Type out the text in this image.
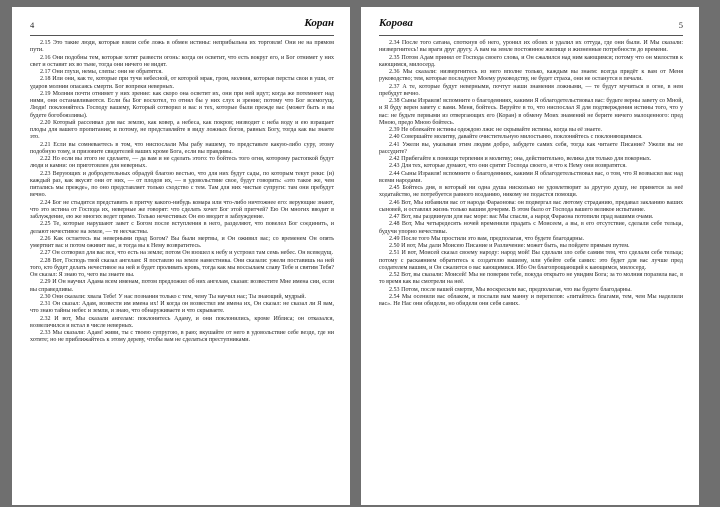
4	Коран

2.15 Это такие люди, которые взяли себе ложь в обмен истины: неприбыльна их торговля! Они не на прямом пути.

2.16 Они подобны тем, которые хотят развести огонь: когда он осветит, что есть вокруг его, и Бог отнимет у них свет и оставит их во тьме, тогда они ничего не видят.

2.17 Они глухи, немы, слепы: они не обратятся.

2.18 Или они, как те, которые при тучи небесной, от которой мрак, гром, молния, которые персты свои в уши, от ударов молнии опасаясь смерти. Бог вопреки неверных.

2.19 Молния почти отнимет у них зрение: как скоро она осветит их, они при ней идут; когда же потемнеет над ними, они останавливаются. Если бы Бог восхотел, то отнял бы у них слух и зрение; потому что Бог всемогущ. Люди! поклоняйтесь Господу вашему, Который сотворил и вас и тех, которые были прежде вас (может быть и вы будете богобоязливы).

2.20 Который рассеивал для вас землю, как ковер, а небеса, как покров; низводит с неба воду и ею взращает плоды для вашего пропитания; и потому, не представляйте в виду ложных богов, равных Богу, тогда как вы знаете это.

2.21 Если вы сомневаетесь в том, что ниспослали Мы рабу нашему, то представьте какую-либо суру, этому подобную тому, и призовите свидетелей ваших кроме Бога, если вы правдивы.

2.22 Но если вы этого не сделаете, — да вам и не сделать этого: то бойтесь того огня, которому растопкой будут люди и камни: он приготовлен для неверных.

2.23 Верующих и добродетельных обрадуй благою вестью, что для них будут сады, по которым текут реки: (и) каждый раз, как вкусят они от них, — от плодов их, — в удовольствие свое, будут говорить: «это такое же, чем питались мы прежде», по оно представляет только сходство с тем. Там для них чистые супруги: там они пребудут вечно.

2.24 Бог не стыдится представить в притчу какого-нибудь комара или что-либо ничтожнее его: верующие знают, что это истина от Господа их, неверные же говорят: что сделать хочет Бог этой притчей? Ею Он многих вводит в заблуждение, ею же многих ведет прямо. Только нечестивых Он ею вводит в заблуждение.

2.25 Те, которые нарушают завет с Богом после вступления в него, разделяют, что повелел Бог соединить, и делают нечестивое на земле, — те несчастны.

2.26 Как остаетесь вы неверными прад Богом? Вы были мертвы, и Он оживил вас; со временем Он опять умертвит вас и потом оживит вас, и тогда вы к Нему возвратитесь.

2.27 Он сотворил для вас все, что есть на земле; потом Он взошел к небу и устроил там семь небес. Он всеведущ.

2.28 Вот, Господь твой сказал ангелам: Я поставлю на земле наместника. Они сказали: ужели поставишь на ней того, кто будет делать нечестивое на ней и будет проливать кровь, тогда как мы воссылаем славу Тебе и святим Тебя? Он сказал: Я знаю то, чего вы знаете вы.

2.29 И Он научил Адама всем именам, потом предложил об них ангелам, сказав: возвестите Мне имена сии, если вы справедливы.

2.30 Они сказали: хвала Тебе! У нас познания только с тем, чему Ты научил нас; Ты знающий, мудрый.

2.31 Он сказал: Адам, возвести им имена их! И когда он возвестил им имена их, Он сказал: не сказал ли Я вам, что знаю тайны небес и земли, и знаю, что обнаруживаете и что скрываете.

2.32 И вот, Мы сказали ангелам: поклонитесь Адаму, и они поклонились, кроме Иблиса; он отказался, возвеличился и встал в числе неверных.

2.33 Мы сказали: Адам! живи, ты с твоею супругою, в раю; вкушайте от него в удовольствие себе везде, где ни хотите; но не приближайтесь к этому дереву, чтобы вам не сделаться преступниками.

5
Корова

2.34 После того сатана, споткнув об него, уронил их обоих и удалил их оттуда, где они были. И Мы сказали: низвергнитесь! вы враги друг другу. А вам на земле постоянное жилище и жизненные потребности до времени.

2.35 Потом Адам принял от Господа своего слова, и Он сжалился над ним кающимся; потому что он милостив к кающимся, милосерд.

2.36 Мы сказали: низвергнитесь из него вполне только, каждым вы знаем: всегда придёт к вам от Меня руководство; тем, которые последуют Моему руководству, не будет страха, они не останутся в печали.

2.37 А те, которые будут неверными, почтут наши знамения ложными, — те будут мучиться в огне, в нем пребудут вечно.

2.38 Сыны Израиля! вспомните о благодеяниях, какими Я облагодетельствовал вас: будьте верны завету со Мной, и Я буду верен завету с вами. Меня, бойтесь. Веруйте в то, что ниспослал Я для подтверждения истины того, что у вас: не будьте первыми из отвергающих его (Коран) в обмену Моих знамений не берите ничего малоценного: пред Мною, предо Мною бойтесь.

2.39 Не облекайте истины одеждою лжи: не скрывайте истины, когда вы её знаете.

2.40 Совершайте молитву, давайте очистительную милостыню, поклоняйтесь с поклоняющимися.

2.41 Ужели вы, указывая этим людям добро, забудете самих себя, тогда как читаете Писание? Ужели вы не рассудите?

2.42 Прибегайте к помощи терпения и молитву; она, действительно, велика для только для покорных.

2.43 Для тех, которые думают, что они срятят Господа своего, и что к Нему они возвратятся.

2.44 Сыны Израиля! вспомните о благодеяниях, какими Я облагодетельствовал вас, о том, что Я возвысил вас над всеми народами.

2.45 Бойтесь дня, в который ни одна душа нисколько не удовлетворит за другую душу, не примется за неё ходатайство, не потребуется равного возданию, никому не подастся помощи.

2.46 Вот, Мы избавили вас от народа Фараонова: он подвергал вас лютому страданию, предавал закланию ваших сыновей, и оставлял жизнь только вашим дочерям. В этом было от Господа вашего великое испытание.

2.47 Вот, мы раздвинули для вас море: вас Мы спасли, а народ Фараона потопили прад вашими очами.

2.48 Вот, Мы четыредесять ночей временили прадать с Моисеем, а вы, в его отсутствие, сделали себе тельца, будучи упорно нечестивы.

2.49 После того Мы простили это вам, предполагая, что будете благодарны.

2.50 И вот, Мы дали Моисею Писание и Различение: может быть, вы пойдете прямым путем.

2.51 И вот, Моисей сказал своему народу: народ мой! Вы сделали зло себе самим тем, что сделали себе тельца; потому с раскаянием обратитесь к создателю вашему, или убейте себя самих: это будет для вас лучше пред создателем вашим, и Он сжалится о вас кающимися. Ибо Он благопрощающий к кающимся, милосерд.

2.52 Вот, вы сказали: Моисей! Мы не поверим тебе, покуда открыто не увидим Бога; за то молния поразила вас, в то время как вы смотрели на неё.

2.53 Потом, после вашей смерти, Мы воскресили вас, предполагая, что вы будете благодарны.

2.54 Мы осенили вас облаком, и послали вам манну и перепелов: «питайтесь благами, тем, чем Мы наделили вас». Не Нас они обидели, но обидели они себя самих.
